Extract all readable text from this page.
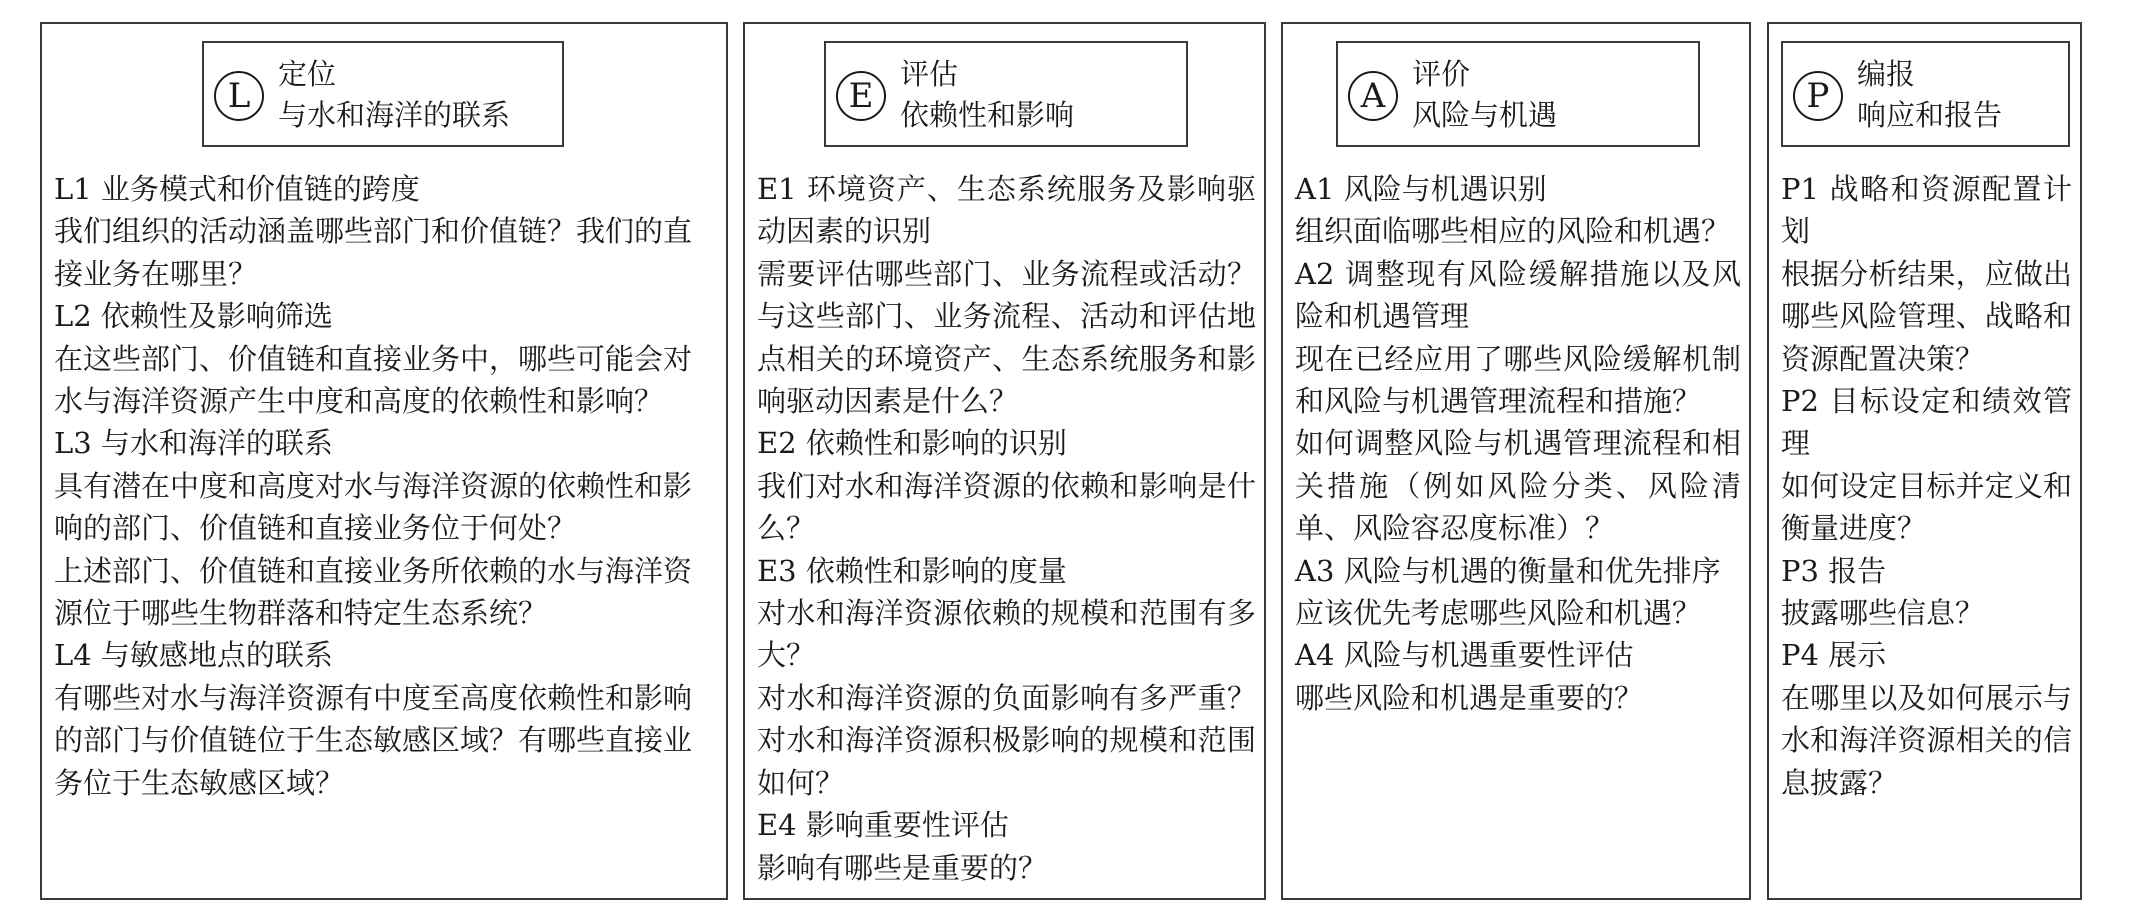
L
定位
与水和海洋的联系

L1 业务模式和价值链的跨度

我们组织的活动涵盖哪些部门和价值链？我们的直接业务在哪里？

L2 依赖性及影响筛选

在这些部门、价值链和直接业务中，哪些可能会对水与海洋资源产生中度和高度的依赖性和影响？

L3 与水和海洋的联系

具有潜在中度和高度对水与海洋资源的依赖性和影响的部门、价值链和直接业务位于何处？

上述部门、价值链和直接业务所依赖的水与海洋资源位于哪些生物群落和特定生态系统？

L4 与敏感地点的联系

有哪些对水与海洋资源有中度至高度依赖性和影响的部门与价值链位于生态敏感区域？有哪些直接业务位于生态敏感区域？

E
评估
依赖性和影响

E1 环境资产、生态系统服务及影响驱动因素的识别

需要评估哪些部门、业务流程或活动？与这些部门、业务流程、活动和评估地点相关的环境资产、生态系统服务和影响驱动因素是什么？

E2 依赖性和影响的识别

我们对水和海洋资源的依赖和影响是什么？

E3 依赖性和影响的度量

对水和海洋资源依赖的规模和范围有多大？

对水和海洋资源的负面影响有多严重？对水和海洋资源积极影响的规模和范围如何？

E4 影响重要性评估

影响有哪些是重要的？

A
评价
风险与机遇

A1 风险与机遇识别

组织面临哪些相应的风险和机遇？

A2 调整现有风险缓解措施以及风险和机遇管理

现在已经应用了哪些风险缓解机制和风险与机遇管理流程和措施？

如何调整风险与机遇管理流程和相关措施（例如风险分类、风险清单、风险容忍度标准）？

A3 风险与机遇的衡量和优先排序

应该优先考虑哪些风险和机遇？

A4 风险与机遇重要性评估

哪些风险和机遇是重要的？

P
编报
响应和报告

P1 战略和资源配置计划

根据分析结果，应做出哪些风险管理、战略和资源配置决策？

P2 目标设定和绩效管理

如何设定目标并定义和衡量进度？

P3 报告

披露哪些信息？

P4 展示

在哪里以及如何展示与水和海洋资源相关的信息披露？
